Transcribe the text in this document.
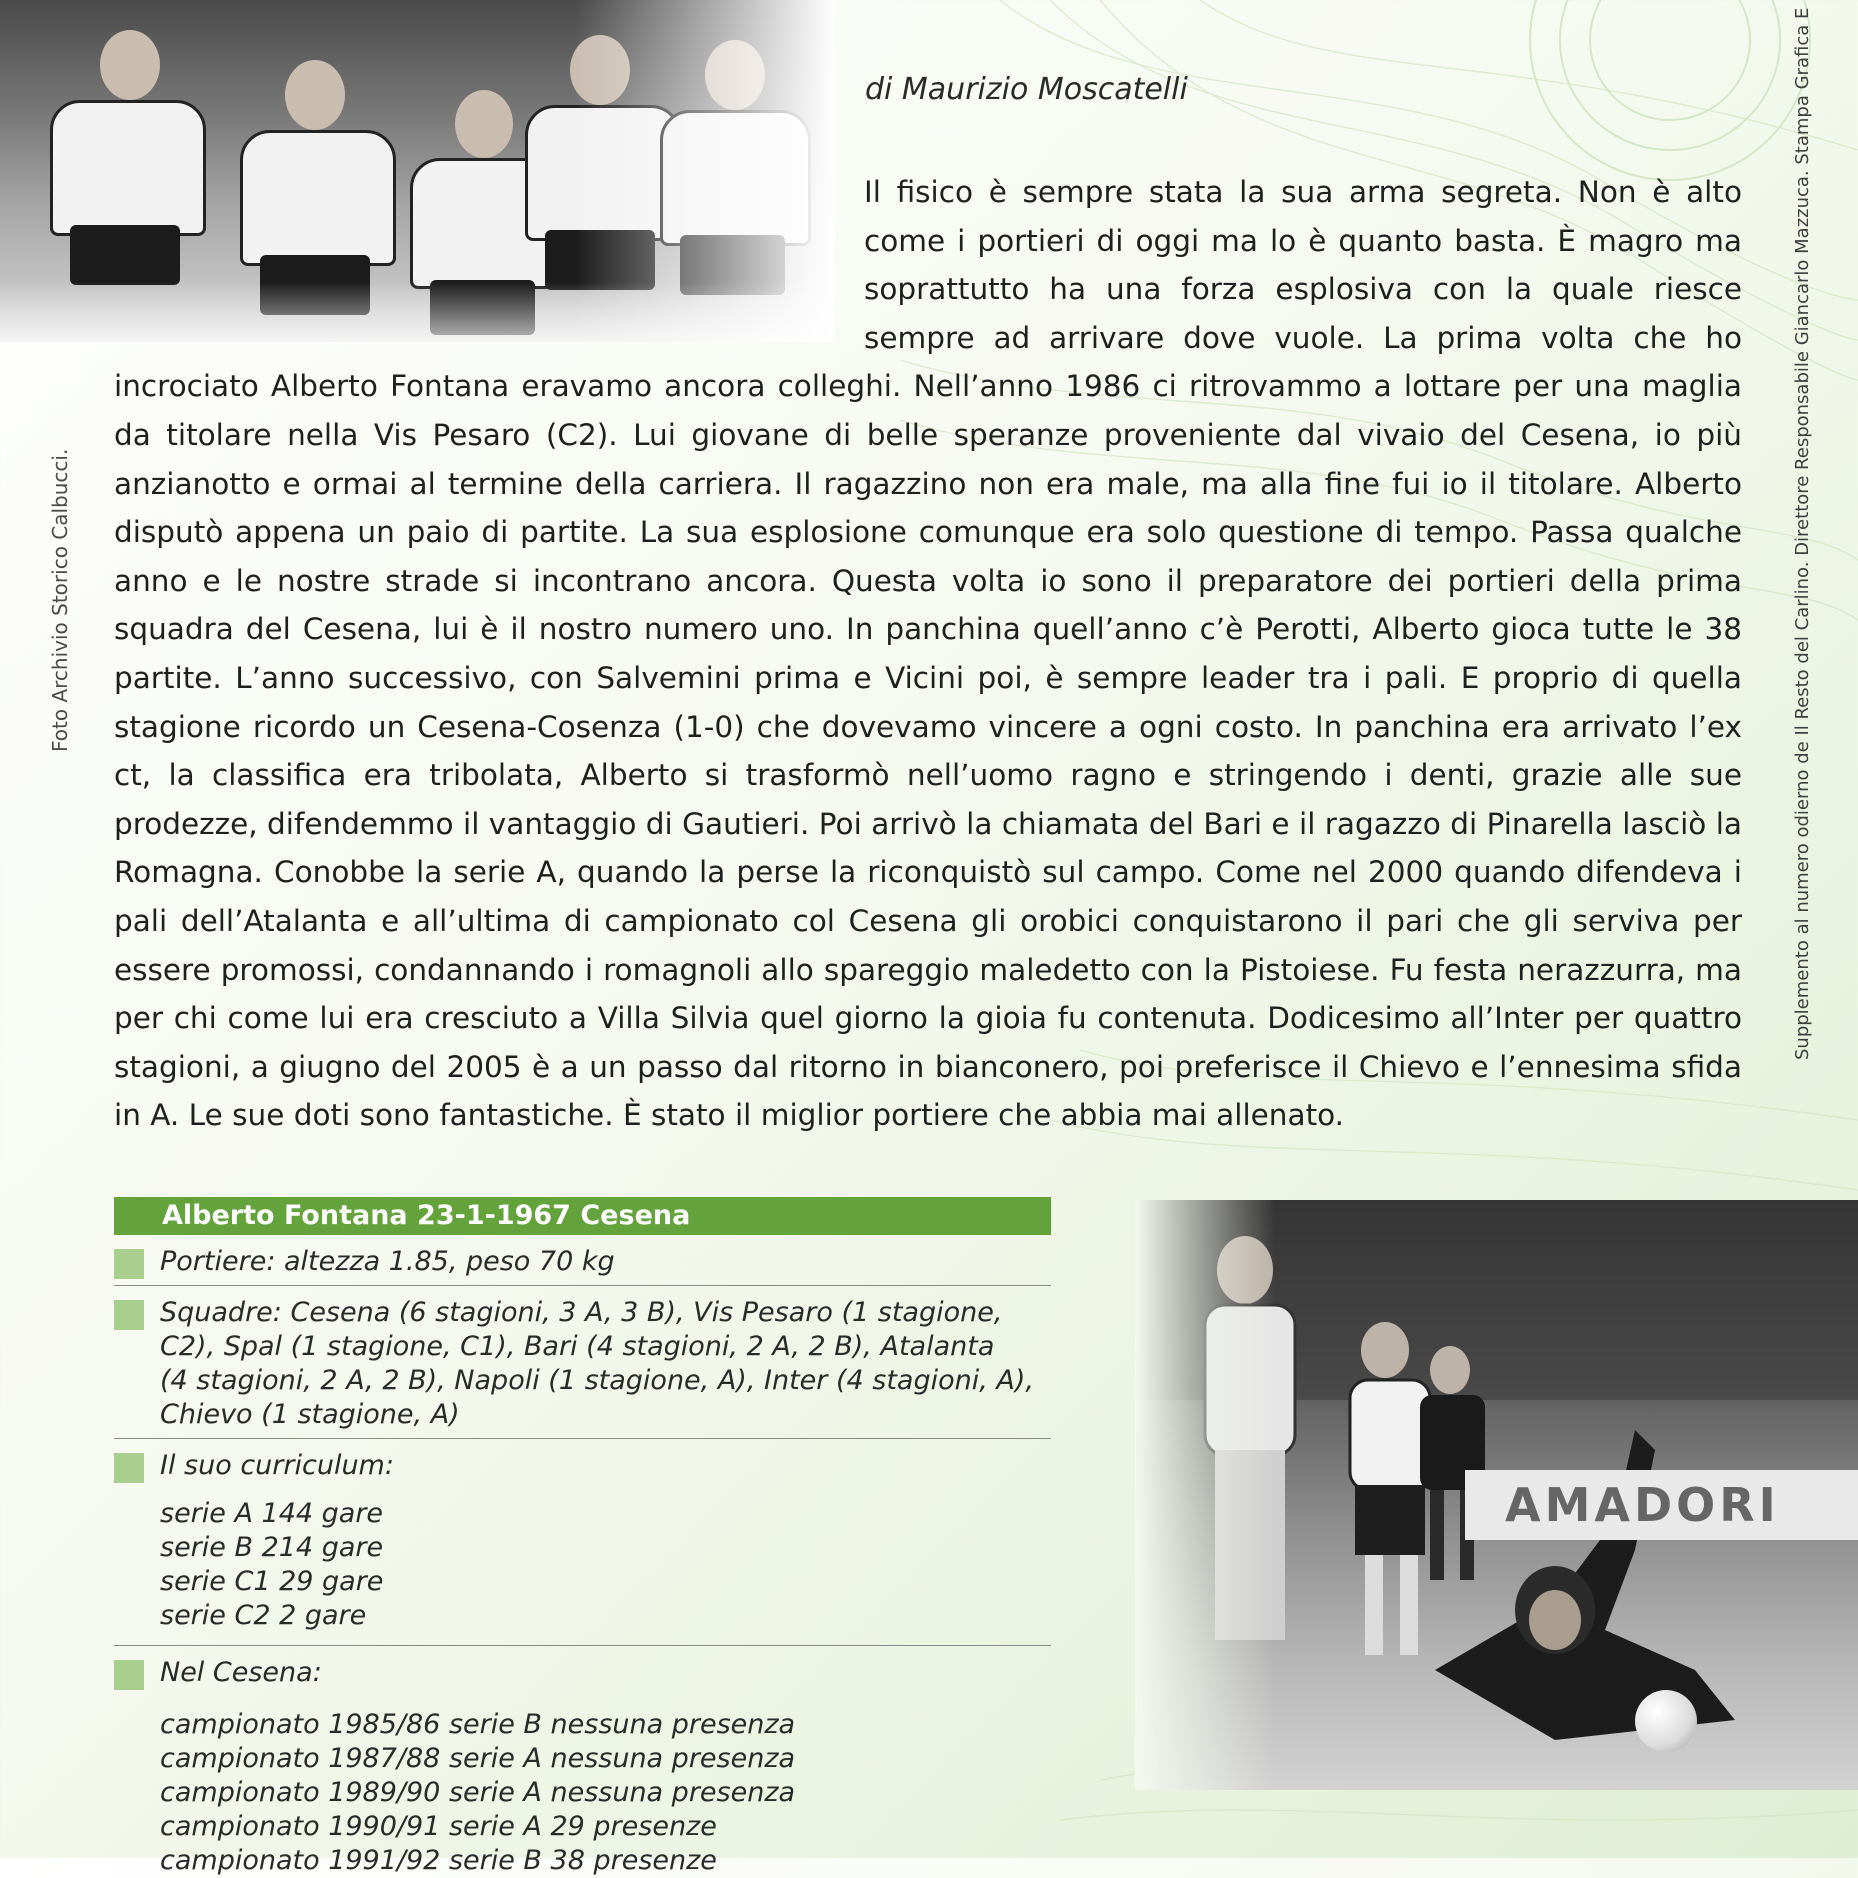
di Maurizio Moscatelli
Il fisico è sempre stata la sua arma segreta. Non è alto come i portieri di oggi ma lo è quanto basta. È magro ma soprattutto ha una forza esplosiva con la quale riesce sempre ad arrivare dove vuole. La prima volta che ho incrociato Alberto Fontana eravamo ancora colleghi. Nell’anno 1986 ci ritrovammo a lottare per una maglia da titolare nella Vis Pesaro (C2). Lui giovane di belle speranze proveniente dal vivaio del Cesena, io più anzianotto e ormai al termine della carriera. Il ragazzino non era male, ma alla fine fui io il titolare. Alberto disputò appena un paio di partite. La sua esplosione comunque era solo questione di tempo. Passa qualche anno e le nostre strade si incontrano ancora. Questa volta io sono il preparatore dei portieri della prima squadra del Cesena, lui è il nostro numero uno. In panchina quell’anno c’è Perotti, Alberto gioca tutte le 38 partite. L’anno successivo, con Salvemini prima e Vicini poi, è sempre leader tra i pali. E proprio di quella stagione ricordo un Cesena-Cosenza (1-0) che dovevamo vincere a ogni costo. In panchina era arrivato l’ex ct, la classifica era tribolata, Alberto si trasformò nell’uomo ragno e stringendo i denti, grazie alle sue prodezze, difendemmo il vantaggio di Gautieri. Poi arrivò la chiamata del Bari e il ragazzo di Pinarella lasciò la Romagna. Conobbe la serie A, quando la perse la riconquistò sul campo. Come nel 2000 quando difendeva i pali dell’Atalanta e all’ultima di campionato col Cesena gli orobici conquistarono il pari che gli serviva per essere promossi, condannando i romagnoli allo spareggio maledetto con la Pistoiese. Fu festa nerazzurra, ma per chi come lui era cresciuto a Villa Silvia quel giorno la gioia fu contenuta. Dodicesimo all’Inter per quattro stagioni, a giugno del 2005 è a un passo dal ritorno in bianconero, poi preferisce il Chievo e l’ennesima sfida in A. Le sue doti sono fantastiche. È stato il miglior portiere che abbia mai allenato.
Foto Archivio Storico Calbucci.	Supplemento al numero odierno de Il Resto del Carlino. Direttore Responsabile Giancarlo Mazzuca. Stampa Grafica E
AMADORI
Alberto Fontana 23-1-1967 Cesena
Portiere: altezza 1.85, peso 70 kg
Squadre: Cesena (6 stagioni, 3 A, 3 B), Vis Pesaro (1 stagione,
C2), Spal (1 stagione, C1), Bari (4 stagioni, 2 A, 2 B), Atalanta
(4 stagioni, 2 A, 2 B), Napoli (1 stagione, A), Inter (4 stagioni, A),
Chievo (1 stagione, A)
Il suo curriculum:
serie A 144 gare
serie B 214 gare
serie C1 29 gare
serie C2 2 gare
Nel Cesena:
campionato 1985/86 serie B nessuna presenza
campionato 1987/88 serie A nessuna presenza
campionato 1989/90 serie A nessuna presenza
campionato 1990/91 serie A 29 presenze
campionato 1991/92 serie B 38 presenze
